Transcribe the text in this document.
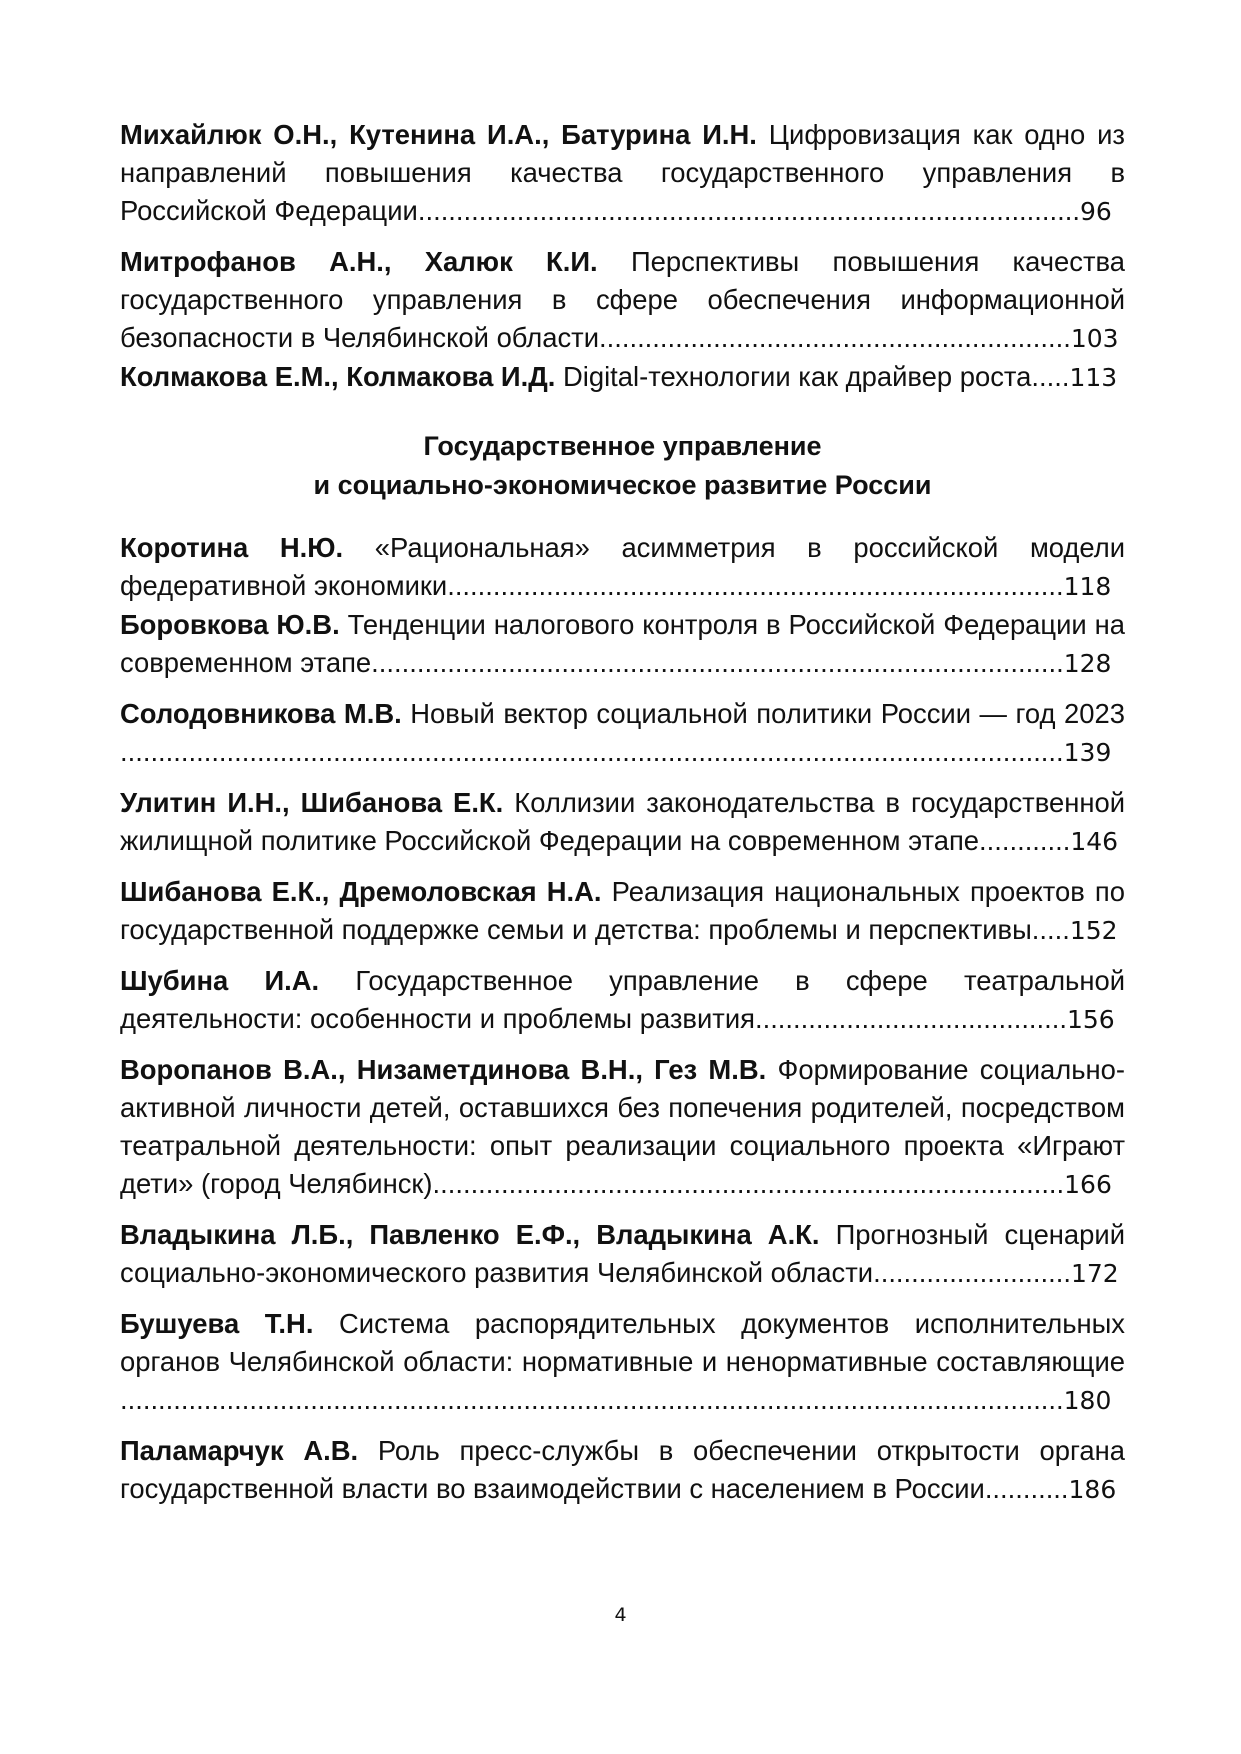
Михайлюк О.Н., Кутенина И.А., Батурина И.Н. Цифровизация как одно из направлений повышения качества государственного управления в Российской Федерации.......................................................................................96
Митрофанов А.Н., Халюк К.И. Перспективы повышения качества государственного управления в сфере обеспечения информационной безопасности в Челябинской области..............................................................103
Колмакова Е.М., Колмакова И.Д. Digital-технологии как драйвер роста.....113
Государственное управление
и социально-экономическое развитие России
Коротина Н.Ю. «Рациональная» асимметрия в российской модели федеративной экономики.................................................................................118
Боровкова Ю.В. Тенденции налогового контроля в Российской Федерации на современном этапе...........................................................................................128
Солодовникова М.В. Новый вектор социальной политики России — год 2023............................................................................................................................139
Улитин И.Н., Шибанова Е.К. Коллизии законодательства в государственной жилищной политике Российской Федерации на современном этапе............146
Шибанова Е.К., Дремоловская Н.А. Реализация национальных проектов по государственной поддержке семьи и детства: проблемы и перспективы.....152
Шубина И.А. Государственное управление в сфере театральной деятельности: особенности и проблемы развития.........................................156
Воропанов В.А., Низаметдинова В.Н., Гез М.В. Формирование социально-активной личности детей, оставшихся без попечения родителей, посредством театральной деятельности: опыт реализации социального проекта «Играют дети» (город Челябинск)...................................................................................166
Владыкина Л.Б., Павленко Е.Ф., Владыкина А.К. Прогнозный сценарий социально-экономического развития Челябинской области..........................172
Бушуева Т.Н. Система распорядительных документов исполнительных органов Челябинской области: нормативные и ненормативные составляющие............................................................................................................................180
Паламарчук А.В. Роль пресс-службы в обеспечении открытости органа государственной власти во взаимодействии с населением в России...........186
4
